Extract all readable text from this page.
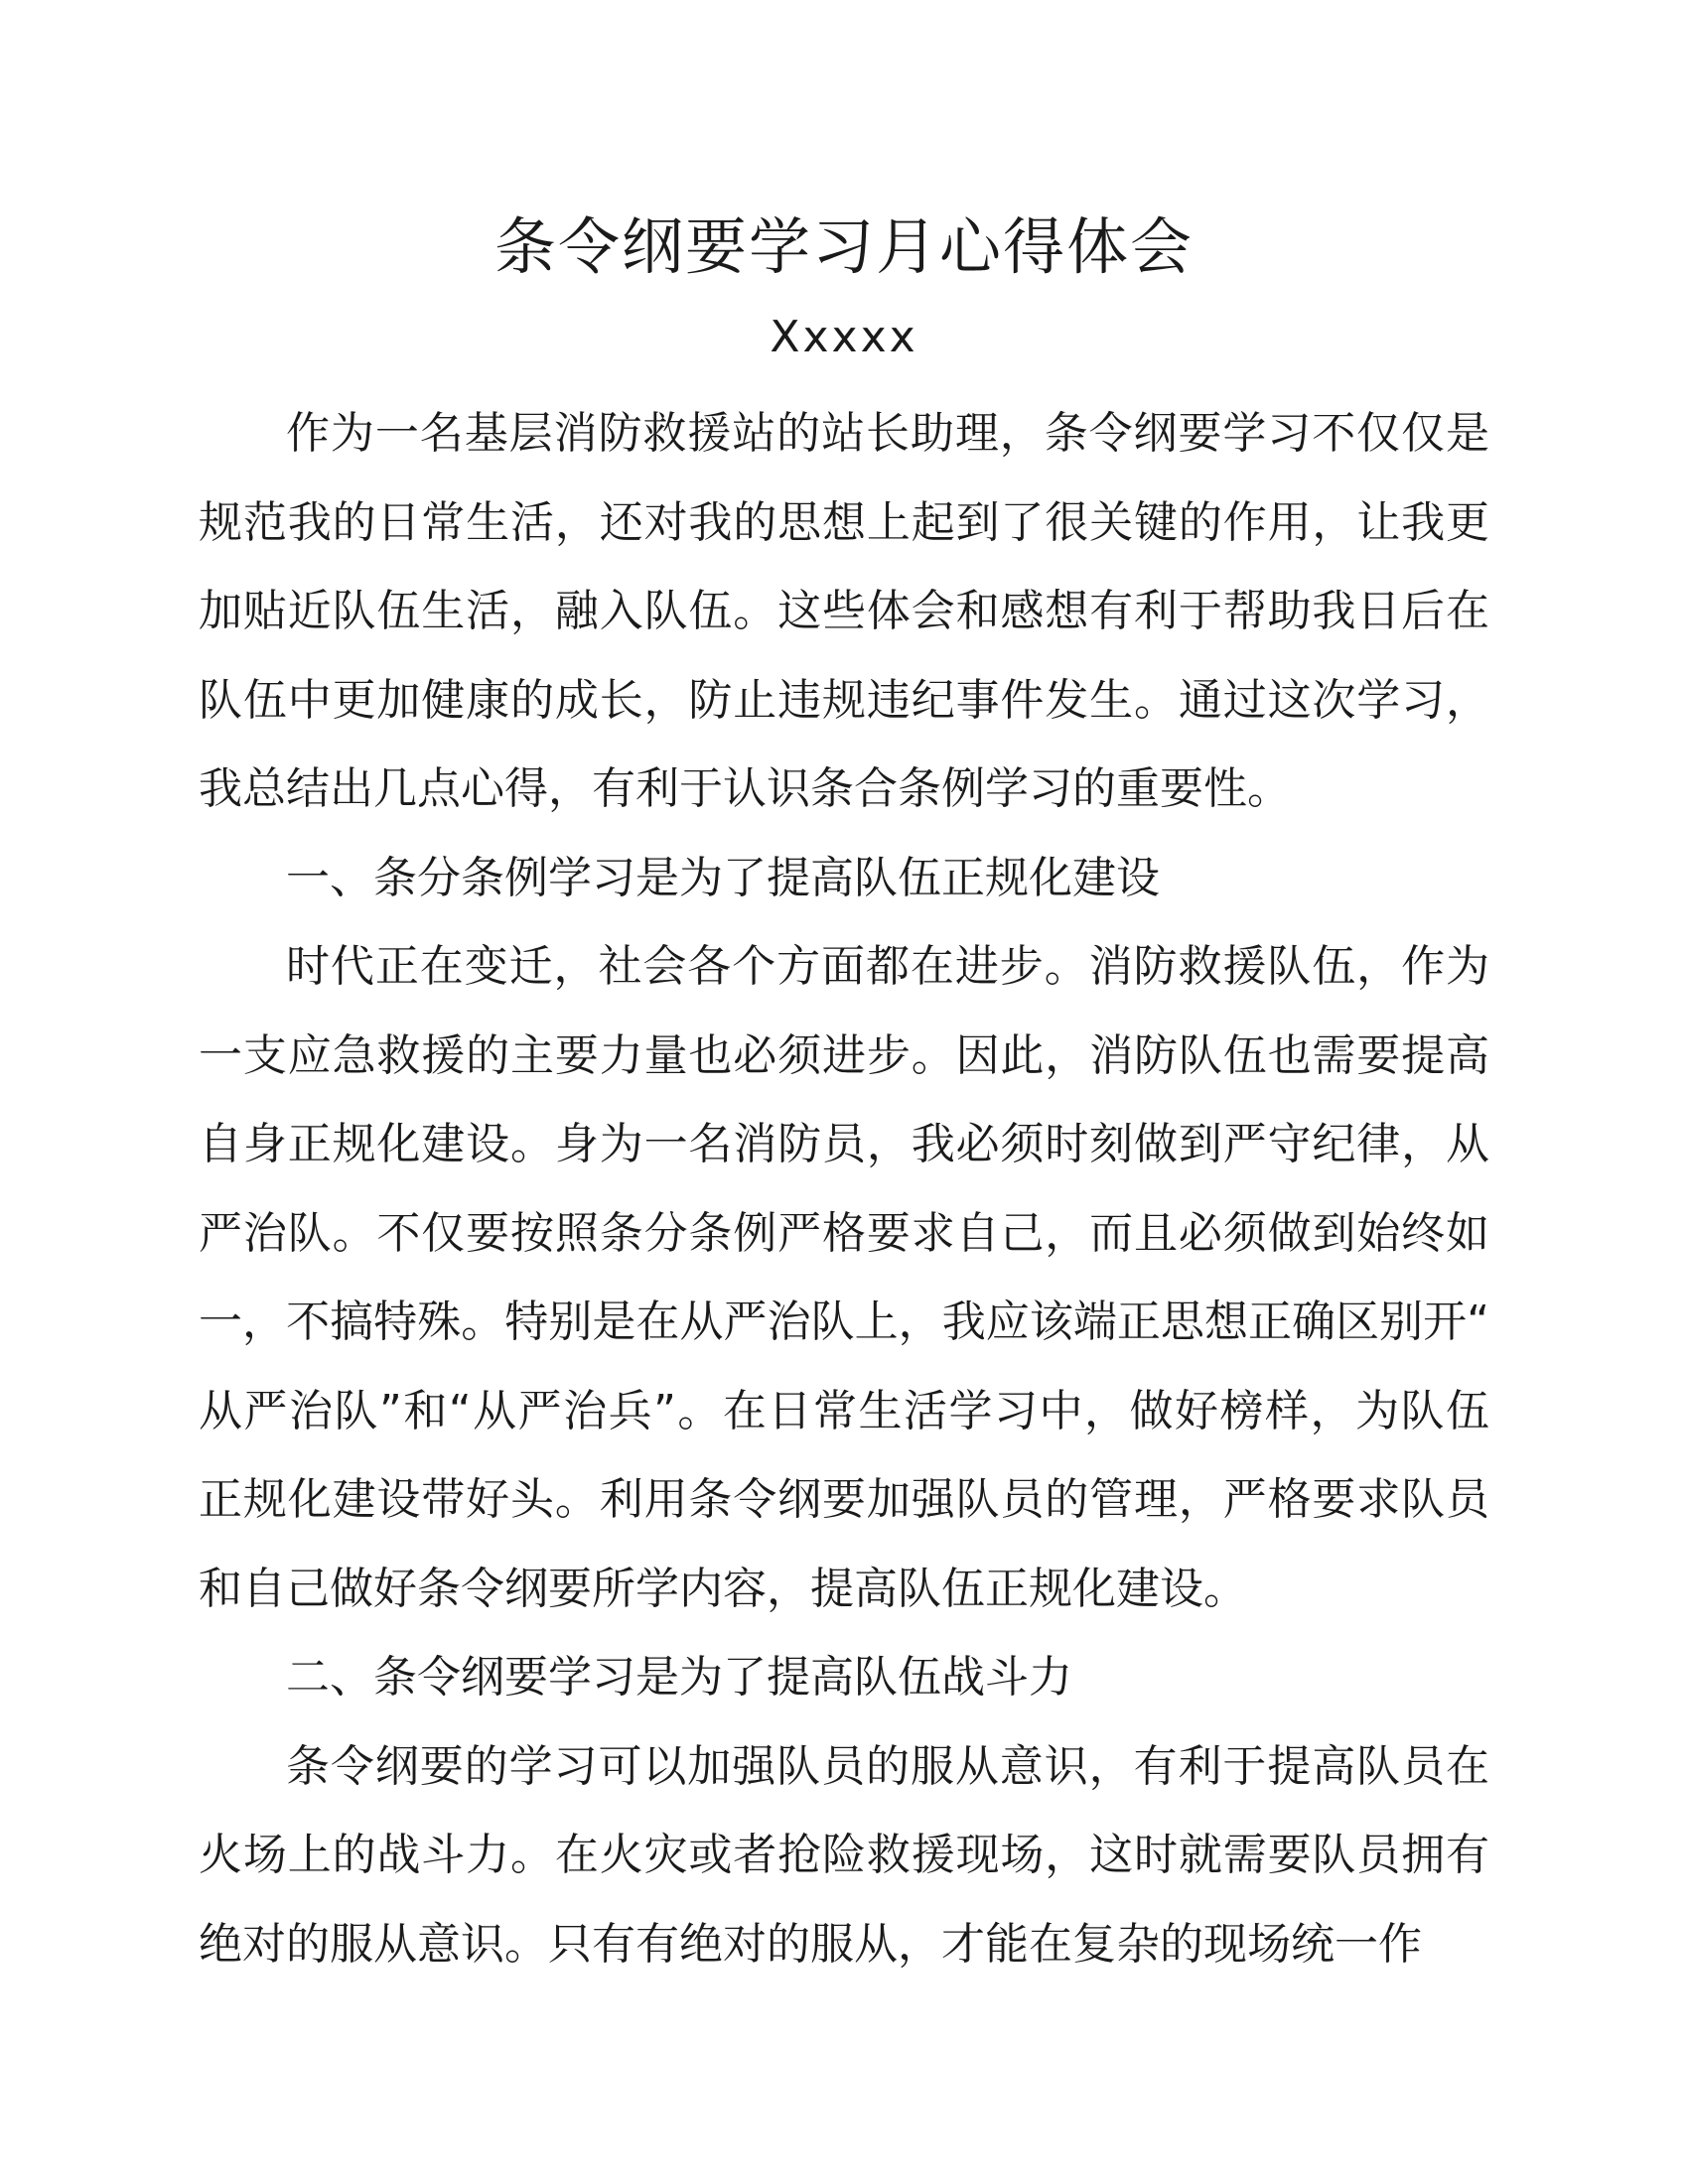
条令纲要学习月心得体会
Xxxxx

作为一名基层消防救援站的站长助理，条令纲要学习不仅仅是规范我的日常生活，还对我的思想上起到了很关键的作用，让我更加贴近队伍生活，融入队伍。这些体会和感想有利于帮助我日后在队伍中更加健康的成长，防止违规违纪事件发生。通过这次学习，我总结出几点心得，有利于认识条合条例学习的重要性。

一、条分条例学习是为了提高队伍正规化建设

时代正在变迁，社会各个方面都在进步。消防救援队伍，作为一支应急救援的主要力量也必须进步。因此，消防队伍也需要提高自身正规化建设。身为一名消防员，我必须时刻做到严守纪律，从严治队。不仅要按照条分条例严格要求自己，而且必须做到始终如一，不搞特殊。特别是在从严治队上，我应该端正思想正确区别开“从严治队”和“从严治兵”。在日常生活学习中，做好榜样，为队伍正规化建设带好头。利用条令纲要加强队员的管理，严格要求队员和自己做好条令纲要所学内容，提高队伍正规化建设。

二、条令纲要学习是为了提高队伍战斗力

条令纲要的学习可以加强队员的服从意识，有利于提高队员在火场上的战斗力。在火灾或者抢险救援现场，这时就需要队员拥有绝对的服从意识。只有有绝对的服从，才能在复杂的现场统一作
